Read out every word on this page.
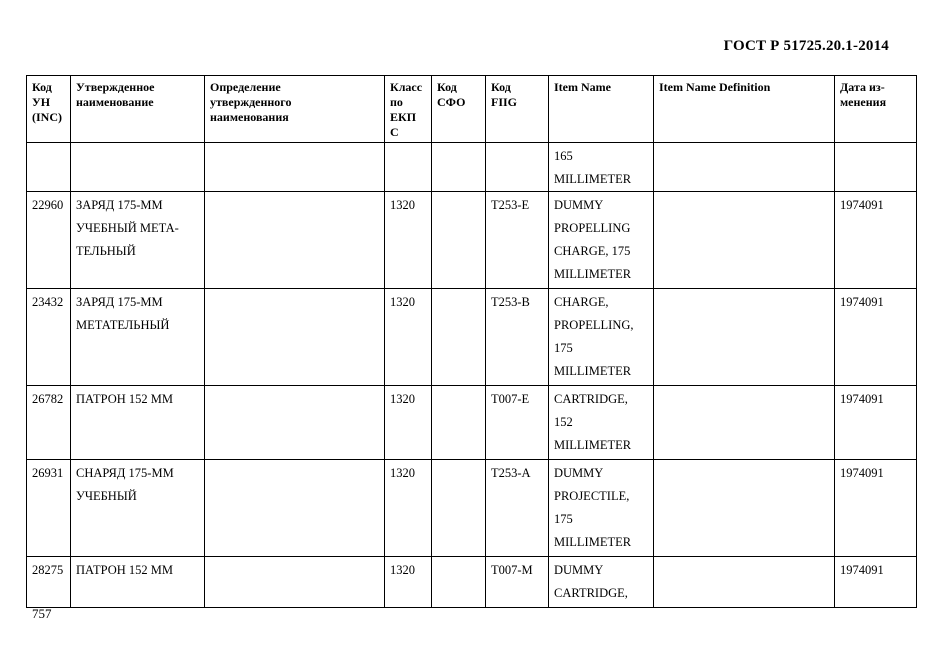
ГОСТ Р 51725.20.1-2014
Код
УН
(INC)	Утвержденное
наименование	Определение
утвержденного
наименования	Класс
по
ЕКП
С	Код
СФО	Код
FIIG	Item Name	Item Name Definition	Дата из-
менения
						165
MILLIMETER		
22960	ЗАРЯД 175-ММ
УЧЕБНЫЙ МЕТА-
ТЕЛЬНЫЙ		1320		T253-E	DUMMY
PROPELLING
CHARGE, 175
MILLIMETER		1974091
23432	ЗАРЯД 175-ММ
МЕТАТЕЛЬНЫЙ		1320		T253-B	CHARGE,
PROPELLING,
175
MILLIMETER		1974091
26782	ПАТРОН 152 ММ		1320		T007-E	CARTRIDGE,
152
MILLIMETER		1974091
26931	СНАРЯД 175-ММ
УЧЕБНЫЙ		1320		T253-A	DUMMY
PROJECTILE,
175
MILLIMETER		1974091
28275	ПАТРОН 152 ММ		1320		T007-M	DUMMY
CARTRIDGE,		1974091
757
